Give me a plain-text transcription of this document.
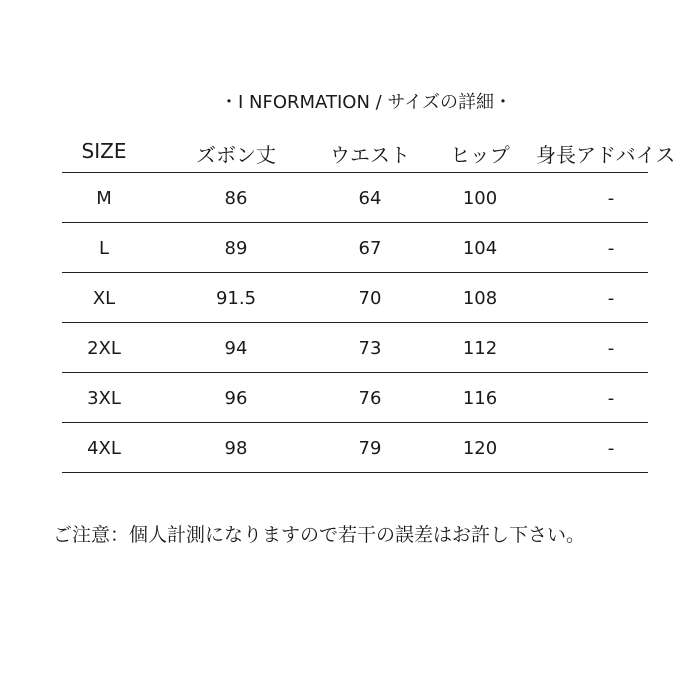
・I NFORMATION / サイズの詳細・
SIZE	ズボン丈	ウエスト	ヒップ	身長アドバイス
M	86	64	100	-
L	89	67	104	-
XL	91.5	70	108	-
2XL	94	73	112	-
3XL	96	76	116	-
4XL	98	79	120	-
ご注意：個人計測になりますので若干の誤差はお許し下さい。
